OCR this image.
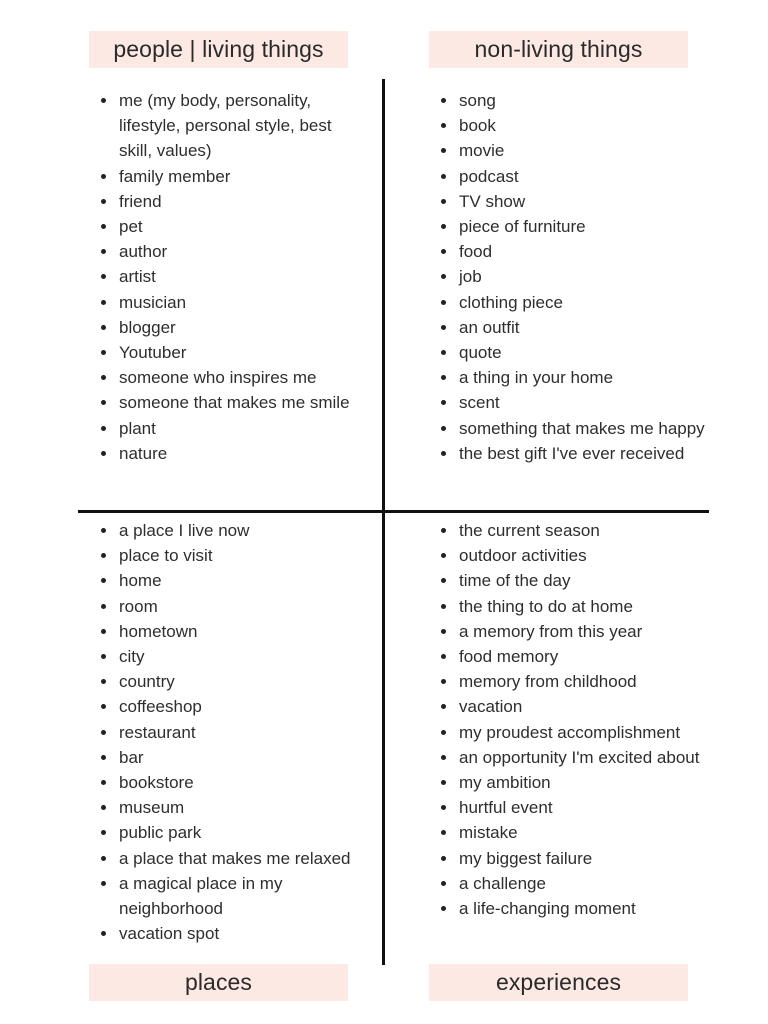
people | living things	non-living things
me (my body, personality, lifestyle, personal style, best skill, values)
family member
friend
pet
author
artist
musician
blogger
Youtuber
someone who inspires me
someone that makes me smile
plant
nature
song
book
movie
podcast
TV show
piece of furniture
food
job
clothing piece
an outfit
quote
a thing in your home
scent
something that makes me happy
the best gift I've ever received
a place I live now
place to visit
home
room
hometown
city
country
coffeeshop
restaurant
bar
bookstore
museum
public park
a place that makes me relaxed
a magical place in my neighborhood
vacation spot
the current season
outdoor activities
time of the day
the thing to do at home
a memory from this year
food memory
memory from childhood
vacation
my proudest accomplishment
an opportunity I'm excited about
my ambition
hurtful event
mistake
my biggest failure
a challenge
a life-changing moment
places	experiences
